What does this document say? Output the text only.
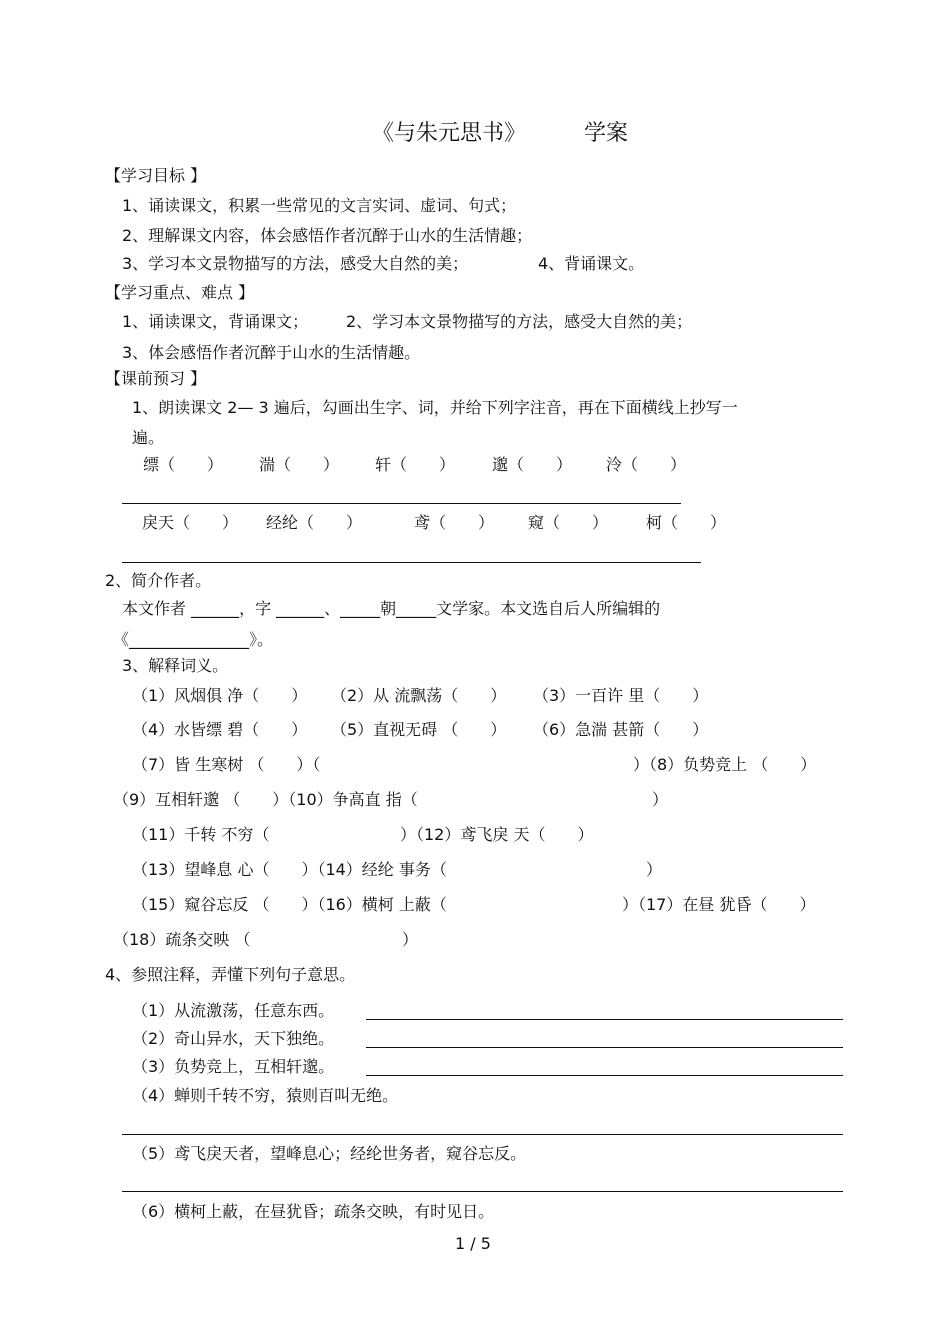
《与朱元思书》	学案
【学习目标 】
1、诵读课文，积累一些常见的文言实词、虚词、句式；
2、理解课文内容，体会感悟作者沉醉于山水的生活情趣；
3、学习本文景物描写的方法，感受大自然的美；	4、背诵课文。
【学习重点、难点 】
1、诵读课文，背诵课文； 2、学习本文景物描写的方法，感受大自然的美；
3、体会感悟作者沉醉于山水的生活情趣。
【课前预习 】
1、朗读课文 2— 3 遍后，勾画出生字、词，并给下列字注音，再在下面横线上抄写一
遍。
缥（　　） 湍（　　） 轩（　　） 邈（　　） 泠（　　）
戾天（　　） 经纶（　　）	鸢（　　） 窥（　　） 柯（　　）
2、简介作者。
本文作者 ______，字 ______、_____朝_____文学家。本文选自后人所编辑的
《_______________》。
3、解释词义。
（1）风烟俱 净（　　） （2）从 流飘荡（　　） （3）一百许 里（　　）
（4）水皆缥 碧（　　） （5）直视无碍 （　　） （6）急湍 甚箭（　　）
（7）皆 生寒树 （　　）（	）（8）负势竞上 （　　）
（9）互相轩邈 （　　）（10）争高直 指（	）
（11）千转 不穷（	）（12）鸢飞戾 天（　　）
（13）望峰息 心（　　）（14）经纶 事务（	）
（15）窥谷忘反 （　　）（16）横柯 上蔽（	）（17）在昼 犹昏（　　）
（18）疏条交映 （	）
4、参照注释，弄懂下列句子意思。
（1）从流激荡，任意东西。
（2）奇山异水，天下独绝。
（3）负势竞上，互相轩邈。
（4）蝉则千转不穷，猿则百叫无绝。
（5）鸢飞戾天者，望峰息心；经纶世务者，窥谷忘反。
（6）横柯上蔽，在昼犹昏；疏条交映，有时见日。
1 / 5
